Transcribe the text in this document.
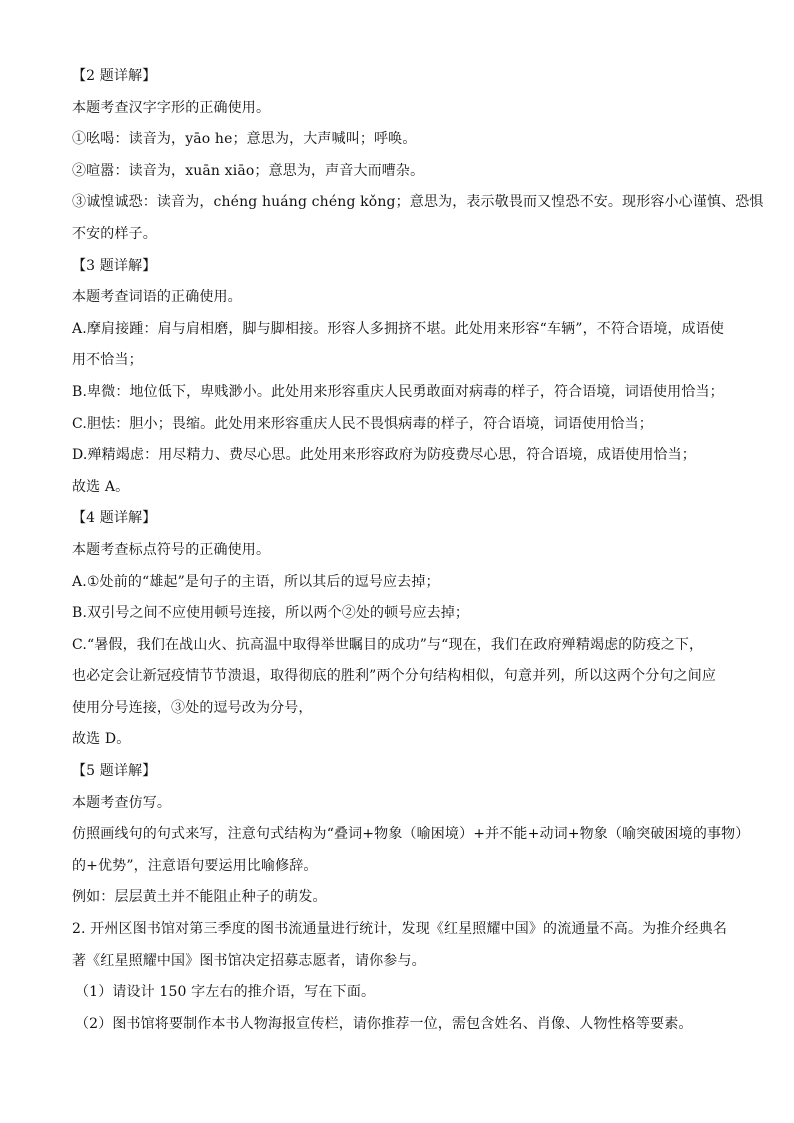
【2 题详解】

本题考查汉字字形的正确使用。

①吆喝：读音为，yāo he；意思为，大声喊叫；呼唤。

②喧嚣：读音为，xuān xiāo；意思为，声音大而嘈杂。

③诚惶诚恐：读音为，chéng huáng chéng kǒng；意思为，表示敬畏而又惶恐不安。现形容小心谨慎、恐惧

不安的样子。

【3 题详解】

本题考查词语的正确使用。

A.摩肩接踵：肩与肩相磨，脚与脚相接。形容人多拥挤不堪。此处用来形容“车辆”，不符合语境，成语使

用不恰当；

B.卑微：地位低下，卑贱渺小。此处用来形容重庆人民勇敢面对病毒的样子，符合语境，词语使用恰当；

C.胆怯：胆小；畏缩。此处用来形容重庆人民不畏惧病毒的样子，符合语境，词语使用恰当；

D.殚精竭虑：用尽精力、费尽心思。此处用来形容政府为防疫费尽心思，符合语境，成语使用恰当；

故选 A。

【4 题详解】

本题考查标点符号的正确使用。

A.①处前的“雄起”是句子的主语，所以其后的逗号应去掉；

B.双引号之间不应使用顿号连接，所以两个②处的顿号应去掉；

C.“暑假，我们在战山火、抗高温中取得举世瞩目的成功”与“现在，我们在政府殚精竭虑的防疫之下，

也必定会让新冠疫情节节溃退，取得彻底的胜利”两个分句结构相似，句意并列，所以这两个分句之间应

使用分号连接，③处的逗号改为分号，

故选 D。

【5 题详解】

本题考查仿写。

仿照画线句的句式来写，注意句式结构为“叠词+物象（喻困境）+并不能+动词+物象（喻突破困境的事物）

的+优势”，注意语句要运用比喻修辞。

例如：层层黄土并不能阻止种子的萌发。

2. 开州区图书馆对第三季度的图书流通量进行统计，发现《红星照耀中国》的流通量不高。为推介经典名

著《红星照耀中国》图书馆决定招募志愿者，请你参与。

（1）请设计 150 字左右的推介语，写在下面。

（2）图书馆将要制作本书人物海报宣传栏，请你推荐一位，需包含姓名、肖像、人物性格等要素。
